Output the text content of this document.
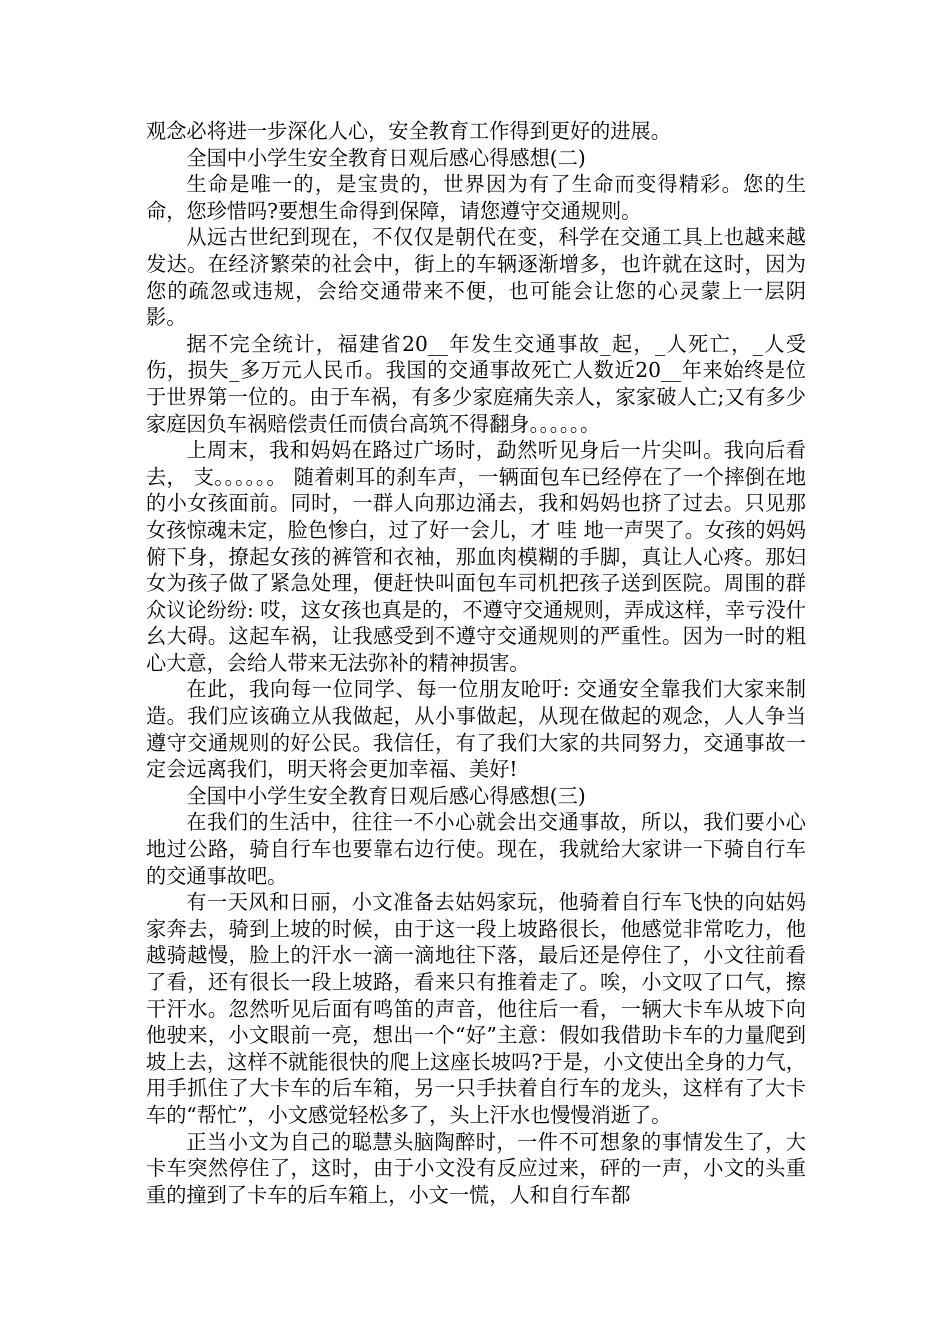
观念必将进一步深化人心，安全教育工作得到更好的进展。

全国中小学生安全教育日观后感心得感想(二)

生命是唯一的，是宝贵的，世界因为有了生命而变得精彩。您的生命，您珍惜吗?要想生命得到保障，请您遵守交通规则。

从远古世纪到现在，不仅仅是朝代在变，科学在交通工具上也越来越发达。在经济繁荣的社会中，街上的车辆逐渐增多，也许就在这时，因为您的疏忽或违规，会给交通带来不便，也可能会让您的心灵蒙上一层阴影。

据不完全统计，福建省20__年发生交通事故_起，_人死亡，_人受伤，损失_多万元人民币。我国的交通事故死亡人数近20__年来始终是位于世界第一位的。由于车祸，有多少家庭痛失亲人，家家破人亡;又有多少家庭因负车祸赔偿责任而债台高筑不得翻身。。。。。。

上周末，我和妈妈在路过广场时，勐然听见身后一片尖叫。我向后看去， 支。。。。。。 随着刺耳的刹车声，一辆面包车已经停在了一个摔倒在地的小女孩面前。同时，一群人向那边涌去，我和妈妈也挤了过去。只见那女孩惊魂未定，脸色惨白，过了好一会儿，才 哇 地一声哭了。女孩的妈妈俯下身，撩起女孩的裤管和衣袖，那血肉模糊的手脚，真让人心疼。那妇女为孩子做了紧急处理，便赶快叫面包车司机把孩子送到医院。周围的群众议论纷纷: 哎，这女孩也真是的，不遵守交通规则，弄成这样，幸亏没什幺大碍。这起车祸，让我感受到不遵守交通规则的严重性。因为一时的粗心大意，会给人带来无法弥补的精神损害。

在此，我向每一位同学、每一位朋友呛吁: 交通安全靠我们大家来制造。我们应该确立从我做起，从小事做起，从现在做起的观念，人人争当遵守交通规则的好公民。我信任，有了我们大家的共同努力，交通事故一定会远离我们，明天将会更加幸福、美好!

全国中小学生安全教育日观后感心得感想(三)

在我们的生活中，往往一不小心就会出交通事故，所以，我们要小心地过公路，骑自行车也要靠右边行使。现在，我就给大家讲一下骑自行车的交通事故吧。

有一天风和日丽，小文准备去姑妈家玩，他骑着自行车飞快的向姑妈家奔去，骑到上坡的时候，由于这一段上坡路很长，他感觉非常吃力，他越骑越慢，脸上的汗水一滴一滴地往下落，最后还是停住了，小文往前看了看，还有很长一段上坡路，看来只有推着走了。唉，小文叹了口气，擦干汗水。忽然听见后面有鸣笛的声音，他往后一看，一辆大卡车从坡下向他驶来，小文眼前一亮，想出一个“好”主意：假如我借助卡车的力量爬到坡上去，这样不就能很快的爬上这座长坡吗?于是，小文使出全身的力气，用手抓住了大卡车的后车箱，另一只手扶着自行车的龙头，这样有了大卡车的“帮忙”，小文感觉轻松多了，头上汗水也慢慢消逝了。

正当小文为自己的聪慧头脑陶醉时，一件不可想象的事情发生了，大卡车突然停住了，这时，由于小文没有反应过来，砰的一声，小文的头重重的撞到了卡车的后车箱上，小文一慌，人和自行车都
